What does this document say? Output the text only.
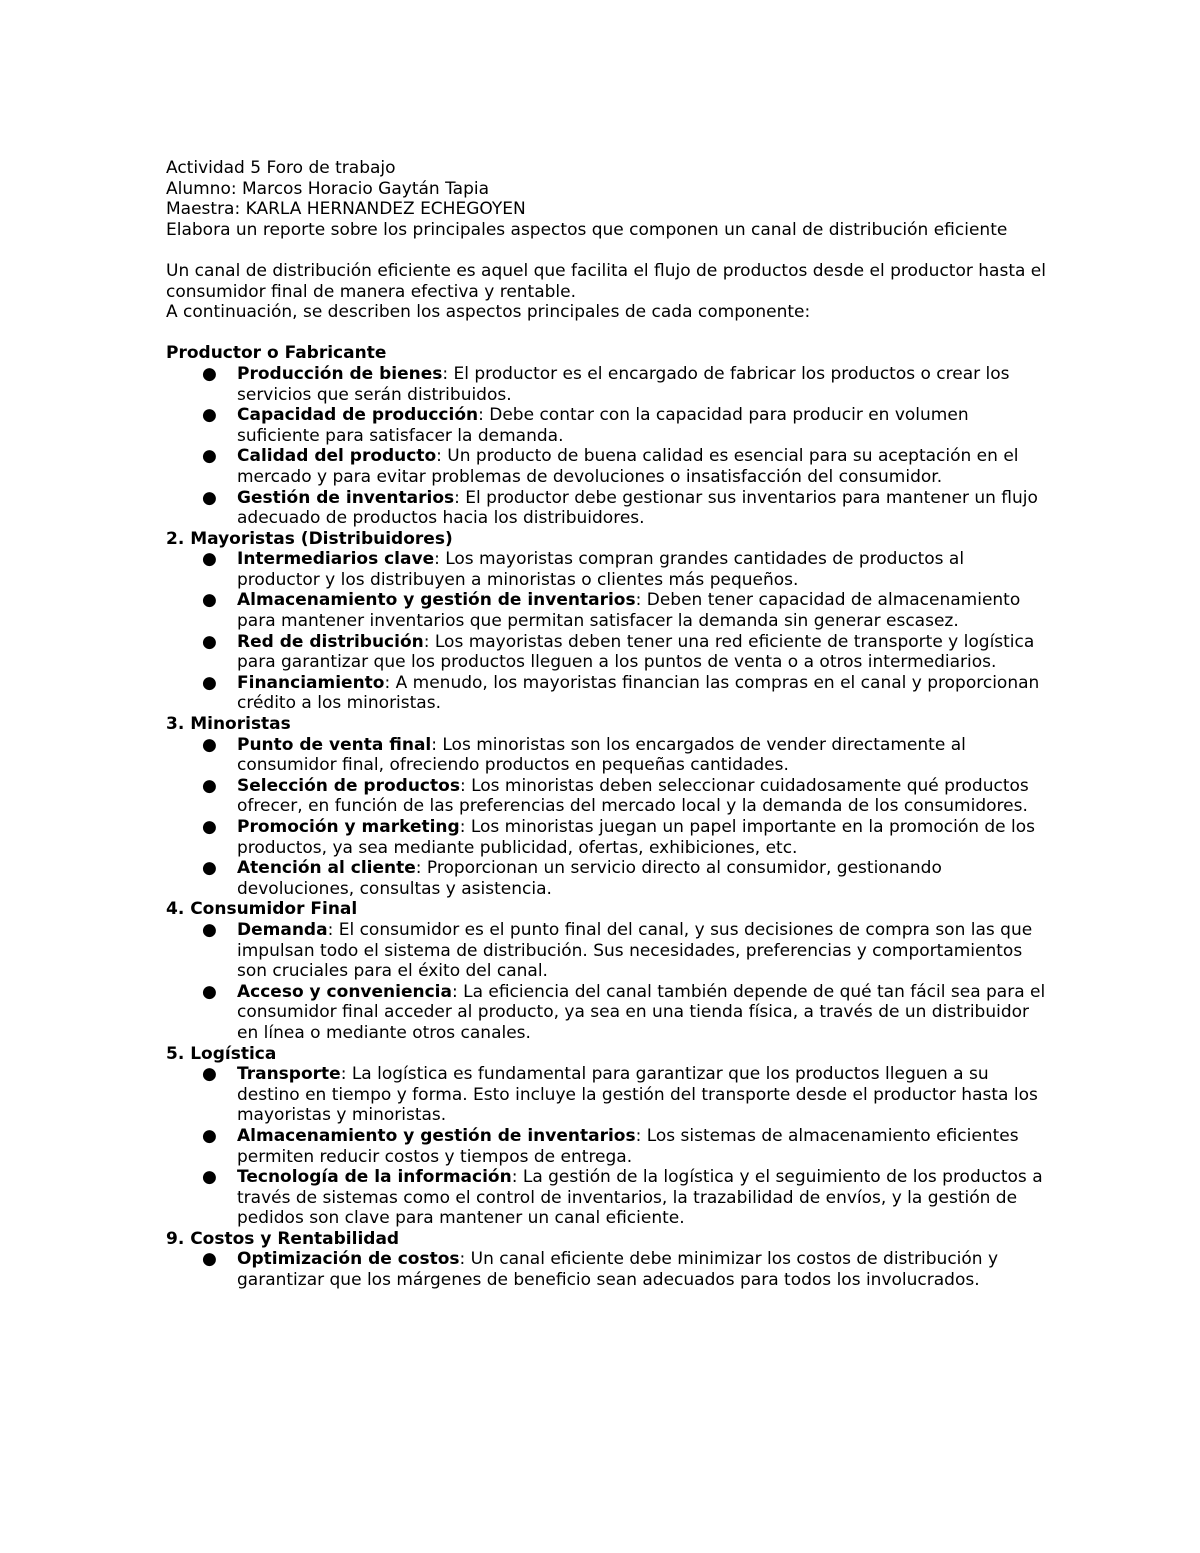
Actividad 5 Foro de trabajo

Alumno: Marcos Horacio Gaytán Tapia

Maestra: KARLA HERNANDEZ ECHEGOYEN

Elabora un reporte sobre los principales aspectos que componen un canal de distribución eficiente

Un canal de distribución eficiente es aquel que facilita el flujo de productos desde el productor hasta el consumidor final de manera efectiva y rentable.

A continuación, se describen los aspectos principales de cada componente:

Productor o Fabricante

● Producción de bienes: El productor es el encargado de fabricar los productos o crear los servicios que serán distribuidos.
● Capacidad de producción: Debe contar con la capacidad para producir en volumen suficiente para satisfacer la demanda.
● Calidad del producto: Un producto de buena calidad es esencial para su aceptación en el mercado y para evitar problemas de devoluciones o insatisfacción del consumidor.
● Gestión de inventarios: El productor debe gestionar sus inventarios para mantener un flujo adecuado de productos hacia los distribuidores.

2. Mayoristas (Distribuidores)

● Intermediarios clave: Los mayoristas compran grandes cantidades de productos al productor y los distribuyen a minoristas o clientes más pequeños.
● Almacenamiento y gestión de inventarios: Deben tener capacidad de almacenamiento para mantener inventarios que permitan satisfacer la demanda sin generar escasez.
● Red de distribución: Los mayoristas deben tener una red eficiente de transporte y logística para garantizar que los productos lleguen a los puntos de venta o a otros intermediarios.
● Financiamiento: A menudo, los mayoristas financian las compras en el canal y proporcionan crédito a los minoristas.

3. Minoristas

● Punto de venta final: Los minoristas son los encargados de vender directamente al consumidor final, ofreciendo productos en pequeñas cantidades.
● Selección de productos: Los minoristas deben seleccionar cuidadosamente qué productos ofrecer, en función de las preferencias del mercado local y la demanda de los consumidores.
● Promoción y marketing: Los minoristas juegan un papel importante en la promoción de los productos, ya sea mediante publicidad, ofertas, exhibiciones, etc.
● Atención al cliente: Proporcionan un servicio directo al consumidor, gestionando devoluciones, consultas y asistencia.

4. Consumidor Final

● Demanda: El consumidor es el punto final del canal, y sus decisiones de compra son las que impulsan todo el sistema de distribución. Sus necesidades, preferencias y comportamientos son cruciales para el éxito del canal.
● Acceso y conveniencia: La eficiencia del canal también depende de qué tan fácil sea para el consumidor final acceder al producto, ya sea en una tienda física, a través de un distribuidor en línea o mediante otros canales.

5. Logística

● Transporte: La logística es fundamental para garantizar que los productos lleguen a su destino en tiempo y forma. Esto incluye la gestión del transporte desde el productor hasta los mayoristas y minoristas.
● Almacenamiento y gestión de inventarios: Los sistemas de almacenamiento eficientes permiten reducir costos y tiempos de entrega.
● Tecnología de la información: La gestión de la logística y el seguimiento de los productos a través de sistemas como el control de inventarios, la trazabilidad de envíos, y la gestión de pedidos son clave para mantener un canal eficiente.

9. Costos y Rentabilidad

● Optimización de costos: Un canal eficiente debe minimizar los costos de distribución y garantizar que los márgenes de beneficio sean adecuados para todos los involucrados.
